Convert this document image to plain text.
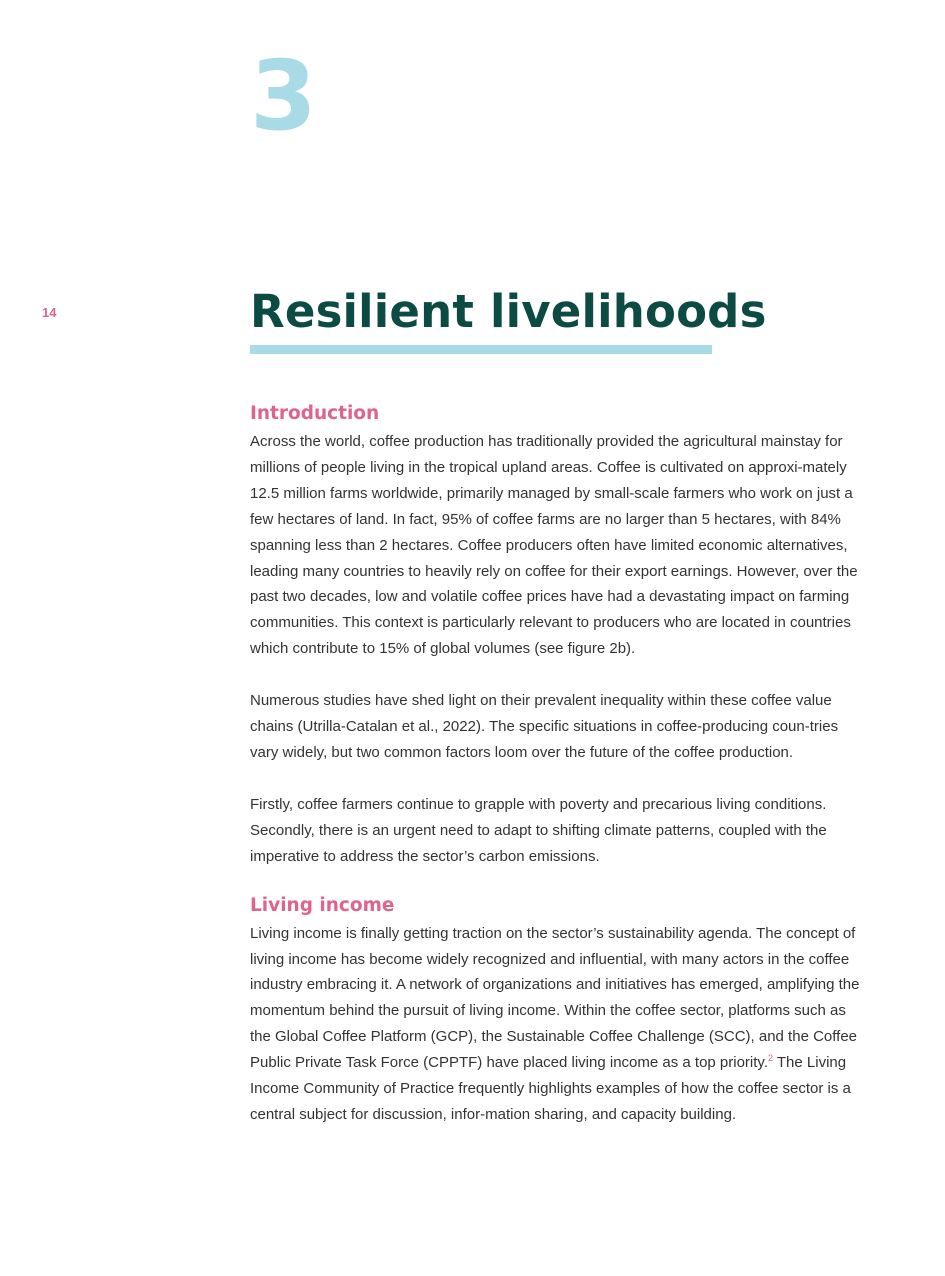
3
14	Resilient livelihoods
Introduction

Across the world, coffee production has traditionally provided the agricultural mainstay for millions of people living in the tropical upland areas. Coffee is cultivated on approxi-mately 12.5 million farms worldwide, primarily managed by small-scale farmers who work on just a few hectares of land. In fact, 95% of coffee farms are no larger than 5 hectares, with 84% spanning less than 2 hectares. Coffee producers often have limited economic alternatives, leading many countries to heavily rely on coffee for their export earnings. However, over the past two decades, low and volatile coffee prices have had a devastating impact on farming communities. This context is particularly relevant to producers who are located in countries which contribute to 15% of global volumes (see figure 2b).

Numerous studies have shed light on their prevalent inequality within these coffee value chains (Utrilla-Catalan et al., 2022). The specific situations in coffee-producing coun-tries vary widely, but two common factors loom over the future of the coffee production.

Firstly, coffee farmers continue to grapple with poverty and precarious living conditions. Secondly, there is an urgent need to adapt to shifting climate patterns, coupled with the imperative to address the sector’s carbon emissions.

Living income

Living income is finally getting traction on the sector’s sustainability agenda. The concept of living income has become widely recognized and influential, with many actors in the coffee industry embracing it. A network of organizations and initiatives has emerged, amplifying the momentum behind the pursuit of living income. Within the coffee sector, platforms such as the Global Coffee Platform (GCP), the Sustainable Coffee Challenge (SCC), and the Coffee Public Private Task Force (CPPTF) have placed living income as a top priority.$^2$ The Living Income Community of Practice frequently highlights examples of how the coffee sector is a central subject for discussion, infor-mation sharing, and capacity building.
